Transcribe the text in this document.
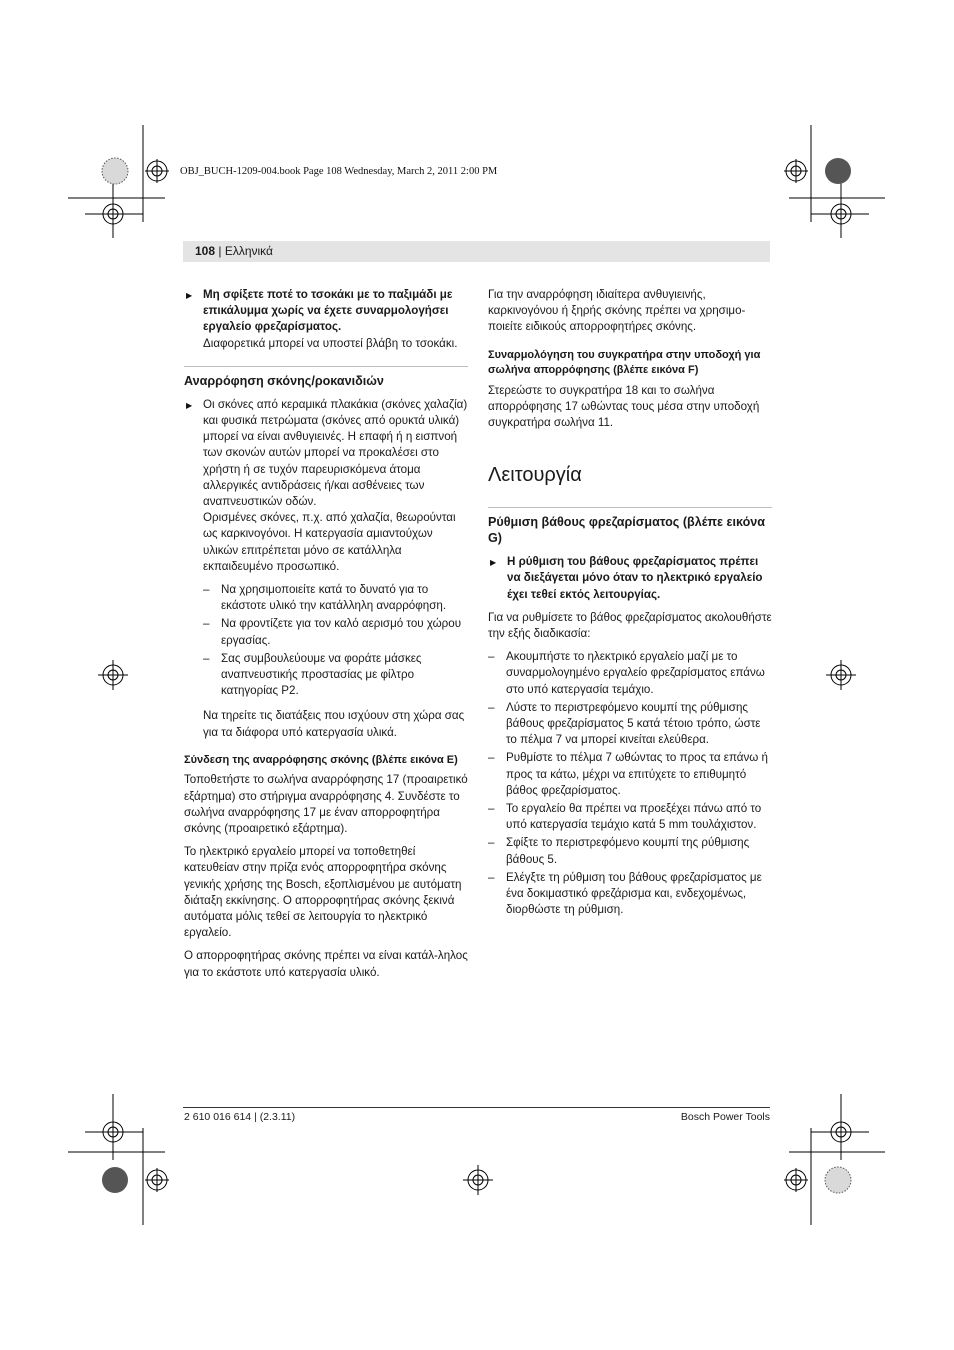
OBJ_BUCH-1209-004.book Page 108 Wednesday, March 2, 2011 2:00 PM
108 | Ελληνικά
▶ Μη σφίξετε ποτέ το τσοκάκι με το παξιμάδι με επικάλυμμα χωρίς να έχετε συναρμολογήσει εργαλείο φρεζαρίσματος.
Διαφορετικά μπορεί να υποστεί βλάβη το τσοκάκι.
Αναρρόφηση σκόνης/ροκανιδιών
▶ Οι σκόνες από κεραμικά πλακάκια (σκόνες χαλαζία) και φυσικά πετρώματα (σκόνες από ορυκτά υλικά) μπορεί να είναι ανθυγιεινές. Η επαφή ή η εισπνοή των σκονών αυτών μπορεί να προκαλέσει στο χρήστη ή σε τυχόν παρευρισκόμενα άτομα αλλεργικές αντιδράσεις ή/και ασθένειες των αναπνευστικών οδών.
Ορισμένες σκόνες, π.χ. από χαλαζία, θεωρούνται ως καρκινογόνοι. Η κατεργασία αμιαντούχων υλικών επιτρέπεται μόνο σε κατάλληλα εκπαιδευμένο προσωπικό.
– Να χρησιμοποιείτε κατά το δυνατό για το εκάστοτε υλικό την κατάλληλη αναρρόφηση.
– Να φροντίζετε για τον καλό αερισμό του χώρου εργασίας.
– Σας συμβουλεύουμε να φοράτε μάσκες αναπνευστικής προστασίας με φίλτρο κατηγορίας P2.

Να τηρείτε τις διατάξεις που ισχύουν στη χώρα σας για τα διάφορα υπό κατεργασία υλικά.

Σύνδεση της αναρρόφησης σκόνης (βλέπε εικόνα E)

Τοποθετήστε το σωλήνα αναρρόφησης 17 (προαιρετικό εξάρτημα) στο στήριγμα αναρρόφησης 4. Συνδέστε το σωλήνα αναρρόφησης 17 με έναν απορροφητήρα σκόνης (προαιρετικό εξάρτημα).

Το ηλεκτρικό εργαλείο μπορεί να τοποθετηθεί κατευθείαν στην πρίζα ενός απορροφητήρα σκόνης γενικής χρήσης της Bosch, εξοπλισμένου με αυτόματη διάταξη εκκίνησης. Ο απορροφητήρας σκόνης ξεκινά αυτόματα μόλις τεθεί σε λειτουργία το ηλεκτρικό εργαλείο.

Ο απορροφητήρας σκόνης πρέπει να είναι κατάλ-ληλος για το εκάστοτε υπό κατεργασία υλικό.

Για την αναρρόφηση ιδιαίτερα ανθυγιεινής, καρκινογόνου ή ξηρής σκόνης πρέπει να χρησιμο-ποιείτε ειδικούς απορροφητήρες σκόνης.

Συναρμολόγηση του συγκρατήρα στην υποδοχή για σωλήνα απορρόφησης (βλέπε εικόνα F)

Στερεώστε το συγκρατήρα 18 και το σωλήνα απορρόφησης 17 ωθώντας τους μέσα στην υποδοχή συγκρατήρα σωλήνα 11.

Λειτουργία
Ρύθμιση βάθους φρεζαρίσματος (βλέπε εικόνα G)
▶ Η ρύθμιση του βάθους φρεζαρίσματος πρέπει να διεξάγεται μόνο όταν το ηλεκτρικό εργαλείο έχει τεθεί εκτός λειτουργίας.

Για να ρυθμίσετε το βάθος φρεζαρίσματος ακολουθήστε την εξής διαδικασία:

– Ακουμπήστε το ηλεκτρικό εργαλείο μαζί με το συναρμολογημένο εργαλείο φρεζαρίσματος επάνω στο υπό κατεργασία τεμάχιο.
– Λύστε το περιστρεφόμενο κουμπί της ρύθμισης βάθους φρεζαρίσματος 5 κατά τέτοιο τρόπο, ώστε το πέλμα 7 να μπορεί κινείται ελεύθερα.
– Ρυθμίστε το πέλμα 7 ωθώντας το προς τα επάνω ή προς τα κάτω, μέχρι να επιτύχετε το επιθυμητό βάθος φρεζαρίσματος.
– Το εργαλείο θα πρέπει να προεξέχει πάνω από το υπό κατεργασία τεμάχιο κατά 5 mm τουλάχιστον.
– Σφίξτε το περιστρεφόμενο κουμπί της ρύθμισης βάθους 5.
– Ελέγξτε τη ρύθμιση του βάθους φρεζαρίσματος με ένα δοκιμαστικό φρεζάρισμα και, ενδεχομένως, διορθώστε τη ρύθμιση.
2 610 016 614 | (2.3.11)	Bosch Power Tools
